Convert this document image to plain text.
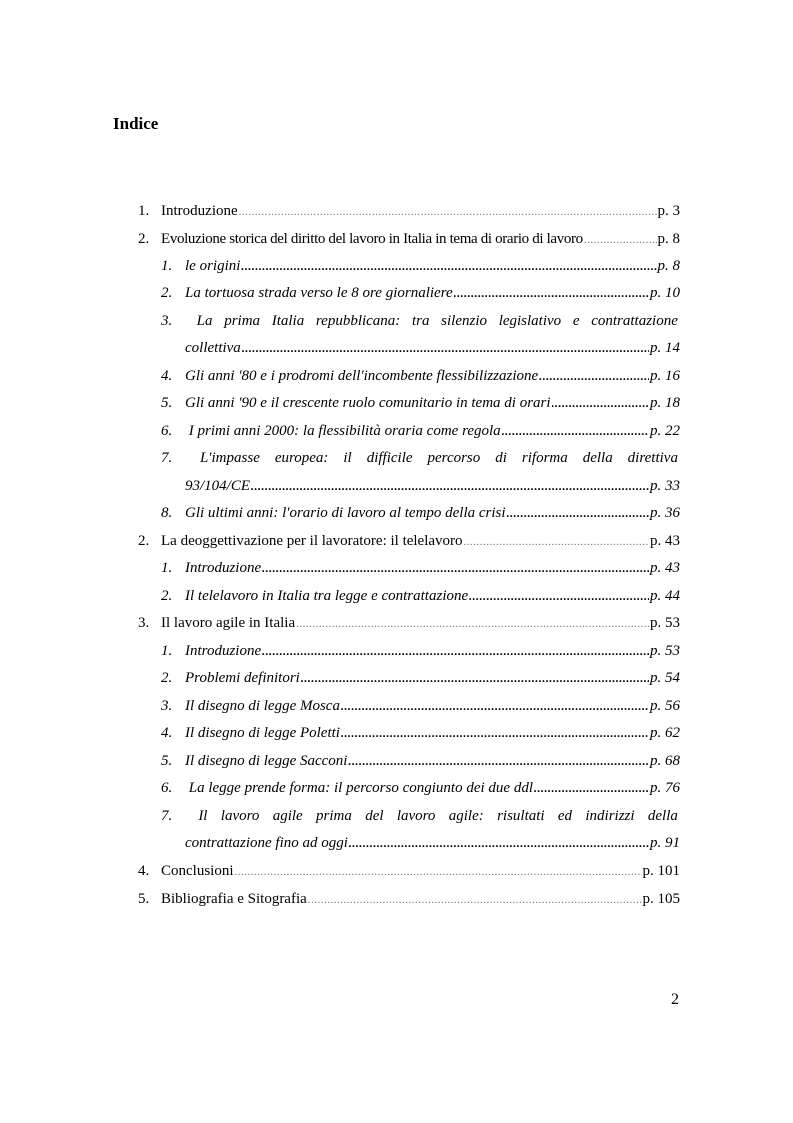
Indice
1. Introduzione .....	p. 3
2. Evoluzione storica del diritto del lavoro in Italia in tema di orario di lavoro .....	p. 8
1. le origini .....	p. 8
2. La tortuosa strada verso le 8 ore giornaliere .....	p. 10
3.	La prima Italia repubblicana: tra silenzio legislativo e contrattazione
collettiva .....	p. 14
4. Gli anni '80 e i prodromi dell'incombente flessibilizzazione .....	p. 16
5. Gli anni '90 e il crescente ruolo comunitario in tema di orari .....	p. 18
6. I primi anni 2000: la flessibilità oraria come regola .....	p. 22
7.	L'impasse europea: il difficile percorso di riforma della direttiva
93/104/CE .....	p. 33
8. Gli ultimi anni: l'orario di lavoro al tempo della crisi .....	p. 36
2. La deoggettivazione per il lavoratore: il telelavoro .....	p. 43
1. Introduzione .....	p. 43
2. Il telelavoro in Italia tra legge e contrattazione .....	p. 44
3. Il lavoro agile in Italia .....	p. 53
1. Introduzione .....	p. 53
2. Problemi definitori .....	p. 54
3. Il disegno di legge Mosca .....	p. 56
4. Il disegno di legge Poletti .....	p. 62
5. Il disegno di legge Sacconi .....	p. 68
6. La legge prende forma: il percorso congiunto dei due ddl .....	p. 76
7.	Il lavoro agile prima del lavoro agile: risultati ed indirizzi della
contrattazione fino ad oggi .....	p. 91
4. Conclusioni .....	p. 101
5. Bibliografia e Sitografia .....	p. 105
2
